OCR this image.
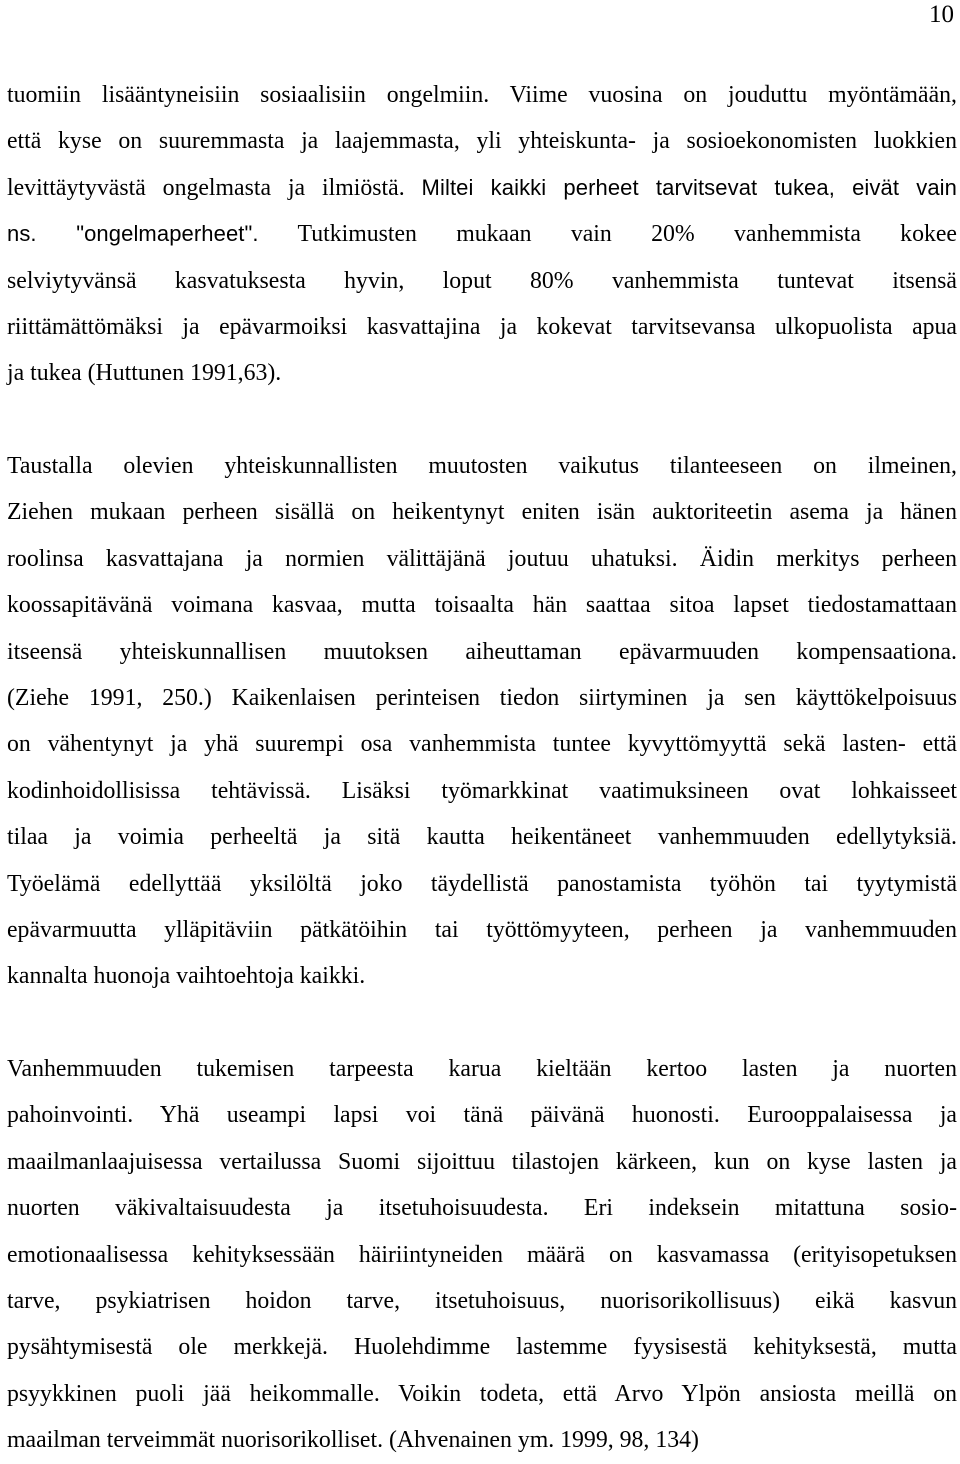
10
tuomiin lisääntyneisiin sosiaalisiin ongelmiin. Viime vuosina on jouduttu myöntämään,
että kyse on suuremmasta ja laajemmasta, yli yhteiskunta- ja sosioekonomisten luokkien
levittäytyvästä ongelmasta ja ilmiöstä. Miltei kaikki perheet tarvitsevat tukea, eivät vain
ns. "ongelmaperheet". Tutkimusten mukaan vain 20% vanhemmista kokee
selviytyvänsä kasvatuksesta hyvin, loput 80% vanhemmista tuntevat itsensä
riittämättömäksi ja epävarmoiksi kasvattajina ja kokevat tarvitsevansa ulkopuolista apua
ja tukea (Huttunen 1991,63).
Taustalla olevien yhteiskunnallisten muutosten vaikutus tilanteeseen on ilmeinen,
Ziehen mukaan perheen sisällä on heikentynyt eniten isän auktoriteetin asema ja hänen
roolinsa kasvattajana ja normien välittäjänä joutuu uhatuksi. Äidin merkitys perheen
koossapitävänä voimana kasvaa, mutta toisaalta hän saattaa sitoa lapset tiedostamattaan
itseensä yhteiskunnallisen muutoksen aiheuttaman epävarmuuden kompensaationa.
(Ziehe 1991, 250.) Kaikenlaisen perinteisen tiedon siirtyminen ja sen käyttökelpoisuus
on vähentynyt ja yhä suurempi osa vanhemmista tuntee kyvyttömyyttä sekä lasten- että
kodinhoidollisissa tehtävissä. Lisäksi työmarkkinat vaatimuksineen ovat lohkaisseet
tilaa ja voimia perheeltä ja sitä kautta heikentäneet vanhemmuuden edellytyksiä.
Työelämä edellyttää yksilöltä joko täydellistä panostamista työhön tai tyytymistä
epävarmuutta ylläpitäviin pätkätöihin tai työttömyyteen, perheen ja vanhemmuuden
kannalta huonoja vaihtoehtoja kaikki.
Vanhemmuuden tukemisen tarpeesta karua kieltään kertoo lasten ja nuorten
pahoinvointi. Yhä useampi lapsi voi tänä päivänä huonosti. Eurooppalaisessa ja
maailmanlaajuisessa vertailussa Suomi sijoittuu tilastojen kärkeen, kun on kyse lasten ja
nuorten väkivaltaisuudesta ja itsetuhoisuudesta. Eri indeksein mitattuna sosio-
emotionaalisessa kehityksessään häiriintyneiden määrä on kasvamassa (erityisopetuksen
tarve, psykiatrisen hoidon tarve, itsetuhoisuus, nuorisorikollisuus) eikä kasvun
pysähtymisestä ole merkkejä. Huolehdimme lastemme fyysisestä kehityksestä, mutta
psyykkinen puoli jää heikommalle. Voikin todeta, että Arvo Ylpön ansiosta meillä on
maailman terveimmät nuorisorikolliset. (Ahvenainen ym. 1999, 98, 134)
